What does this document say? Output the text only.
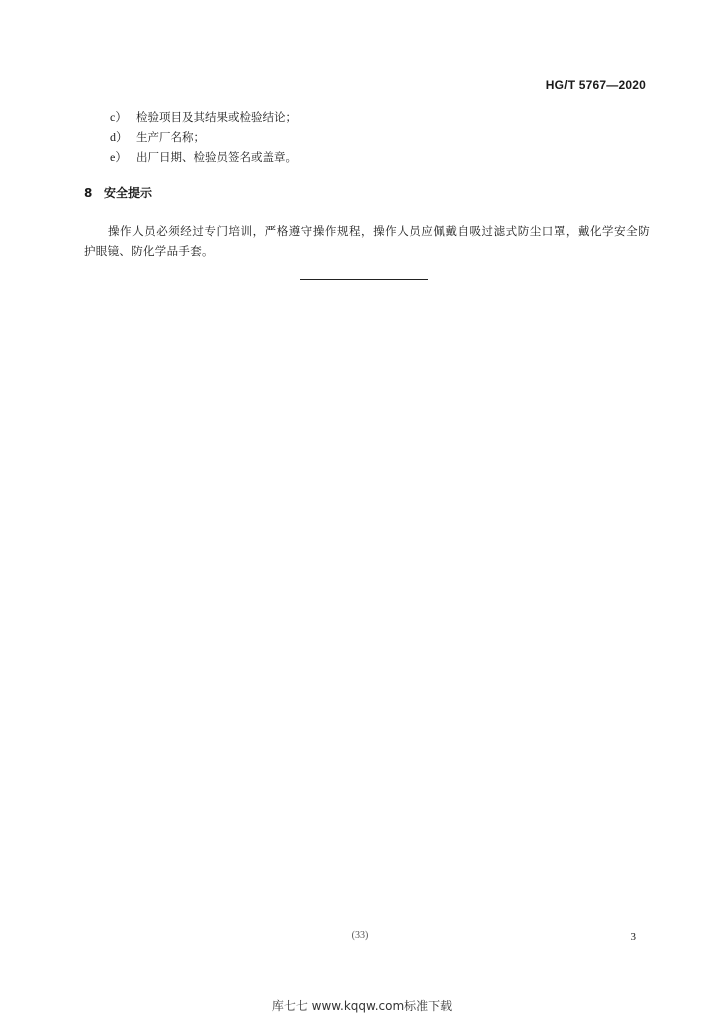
HG/T 5767—2020
c） 检验项目及其结果或检验结论；
d） 生产厂名称；
e） 出厂日期、检验员签名或盖章。
8 安全提示
操作人员必须经过专门培训，严格遵守操作规程，操作人员应佩戴自吸过滤式防尘口罩，戴化学安全防护眼镜、防化学品手套。
(33)	3
库七七 www.kqqw.com标准下载
